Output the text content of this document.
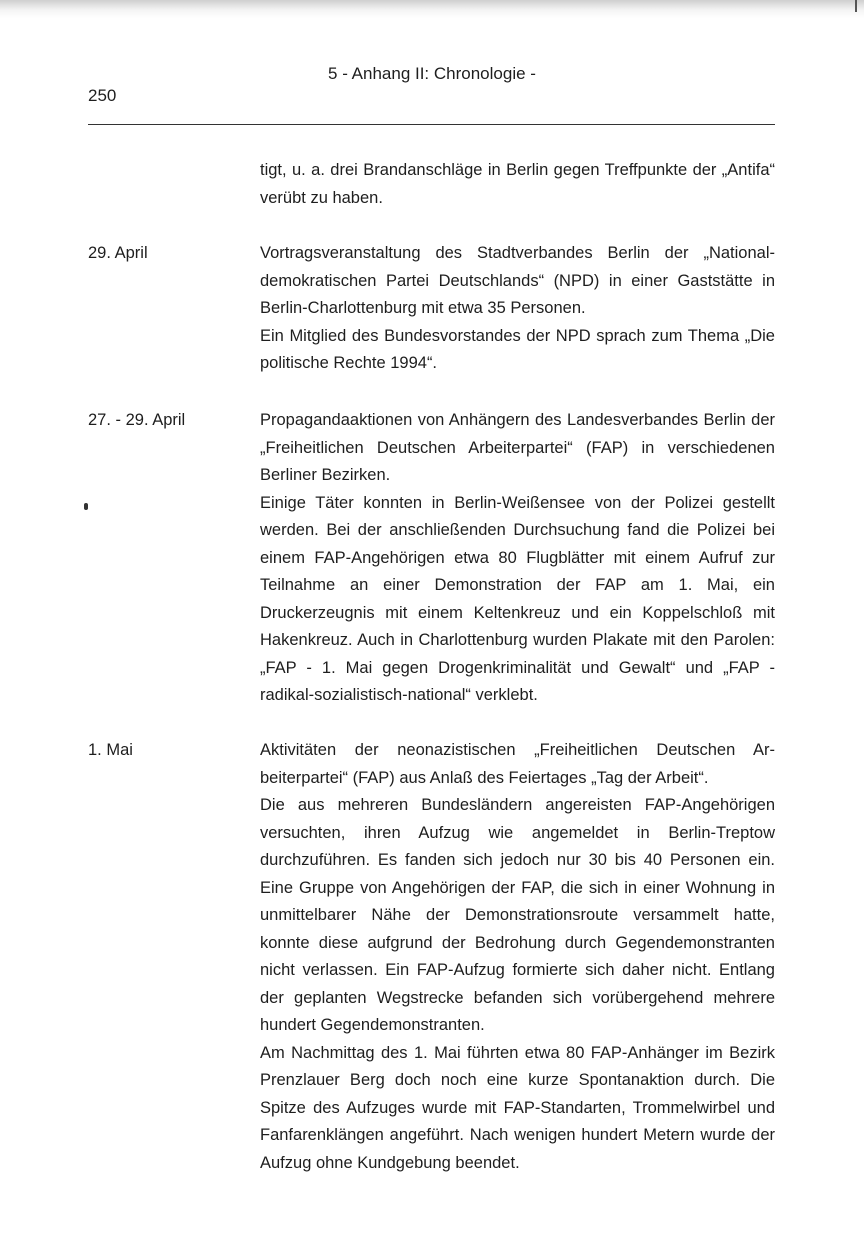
250
5 - Anhang II: Chronologie -

tigt, u. a. drei Brandanschläge in Berlin gegen Treffpunkte der „Antifa“ verübt zu haben.

29. April	Vortragsveranstaltung des Stadtverbandes Berlin der „Nationaldemokratischen Partei Deutschlands“ (NPD) in einer Gaststätte in Berlin-Charlottenburg mit etwa 35 Personen.

Ein Mitglied des Bundesvorstandes der NPD sprach zum Thema „Die politische Rechte 1994“.

27. - 29. April	Propagandaaktionen von Anhängern des Landesverbandes Berlin der „Freiheitlichen Deutschen Arbeiterpartei“ (FAP) in verschiedenen Berliner Bezirken.

Einige Täter konnten in Berlin-Weißensee von der Polizei gestellt werden. Bei der anschließenden Durchsuchung fand die Polizei bei einem FAP-Angehörigen etwa 80 Flugblätter mit einem Aufruf zur Teilnahme an einer Demonstration der FAP am 1. Mai, ein Druckerzeugnis mit einem Keltenkreuz und ein Koppelschloß mit Hakenkreuz. Auch in Charlottenburg wurden Plakate mit den Parolen: „FAP - 1. Mai gegen Drogenkriminalität und Gewalt“ und „FAP - radikal-sozialistisch-national“ verklebt.

1. Mai	Aktivitäten der neonazistischen „Freiheitlichen Deutschen Arbeiterpartei“ (FAP) aus Anlaß des Feiertages „Tag der Arbeit“.

Die aus mehreren Bundesländern angereisten FAP-Angehörigen versuchten, ihren Aufzug wie angemeldet in Berlin-Treptow durchzuführen. Es fanden sich jedoch nur 30 bis 40 Personen ein. Eine Gruppe von Angehörigen der FAP, die sich in einer Wohnung in unmittelbarer Nähe der Demonstrationsroute versammelt hatte, konnte diese aufgrund der Bedrohung durch Gegendemonstranten nicht verlassen. Ein FAP-Aufzug formierte sich daher nicht. Entlang der geplanten Wegstrecke befanden sich vorübergehend mehrere hundert Gegendemonstranten.

Am Nachmittag des 1. Mai führten etwa 80 FAP-Anhänger im Bezirk Prenzlauer Berg doch noch eine kurze Spontanaktion durch. Die Spitze des Aufzuges wurde mit FAP-Standarten, Trommelwirbel und Fanfarenklängen angeführt. Nach wenigen hundert Metern wurde der Aufzug ohne Kundgebung beendet.
